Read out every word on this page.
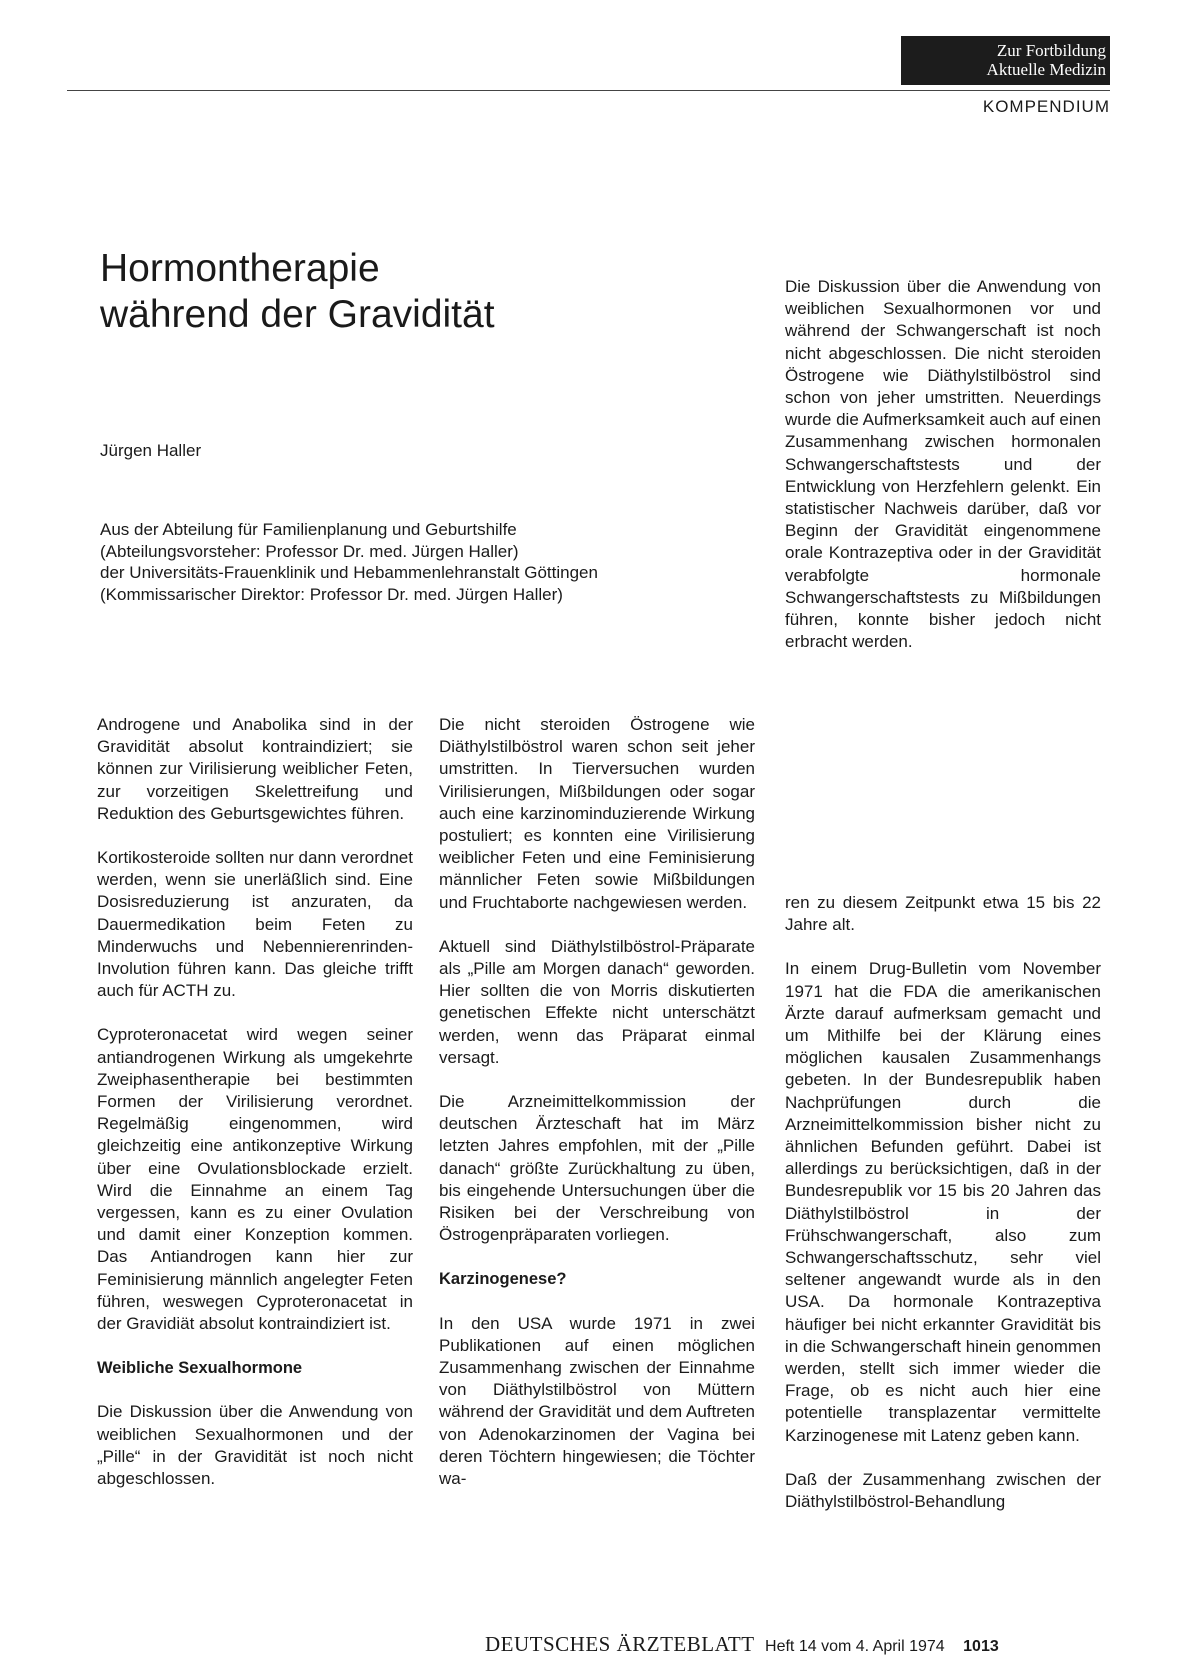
Zur Fortbildung
Aktuelle Medizin
KOMPENDIUM
Hormontherapie
während der Gravidität
Jürgen Haller
Aus der Abteilung für Familienplanung und Geburtshilfe
(Abteilungsvorsteher: Professor Dr. med. Jürgen Haller)
der Universitäts-Frauenklinik und Hebammenlehranstalt Göttingen
(Kommissarischer Direktor: Professor Dr. med. Jürgen Haller)

Die Diskussion über die Anwendung von weiblichen Sexualhormonen vor und während der Schwangerschaft ist noch nicht abgeschlossen. Die nicht steroiden Östrogene wie Diäthylstilböstrol sind schon von jeher umstritten. Neuerdings wurde die Aufmerksamkeit auch auf einen Zusammenhang zwischen hormonalen Schwangerschaftstests und der Entwicklung von Herzfehlern gelenkt. Ein statistischer Nachweis darüber, daß vor Beginn der Gravidität eingenommene orale Kontrazeptiva oder in der Gravidität verabfolgte hormonale Schwangerschaftstests zu Mißbildungen führen, konnte bisher jedoch nicht erbracht werden.

Androgene und Anabolika sind in der Gravidität absolut kontraindiziert; sie können zur Virilisierung weiblicher Feten, zur vorzeitigen Skelettreifung und Reduktion des Geburtsgewichtes führen.

Kortikosteroide sollten nur dann verordnet werden, wenn sie unerläßlich sind. Eine Dosisreduzierung ist anzuraten, da Dauermedikation beim Feten zu Minderwuchs und Nebennierenrinden-Involution führen kann. Das gleiche trifft auch für ACTH zu.

Cyproteronacetat wird wegen seiner antiandrogenen Wirkung als umgekehrte Zweiphasentherapie bei bestimmten Formen der Virilisierung verordnet. Regelmäßig eingenommen, wird gleichzeitig eine antikonzeptive Wirkung über eine Ovulationsblockade erzielt. Wird die Einnahme an einem Tag vergessen, kann es zu einer Ovulation und damit einer Konzeption kommen. Das Antiandrogen kann hier zur Feminisierung männlich angelegter Feten führen, weswegen Cyproteronacetat in der Gravidiät absolut kontraindiziert ist.

Weibliche Sexualhormone

Die Diskussion über die Anwendung von weiblichen Sexualhormonen und der „Pille“ in der Gravidität ist noch nicht abgeschlossen.

Die nicht steroiden Östrogene wie Diäthylstilböstrol waren schon seit jeher umstritten. In Tierversuchen wurden Virilisierungen, Mißbildungen oder sogar auch eine karzinominduzierende Wirkung postuliert; es konnten eine Virilisierung weiblicher Feten und eine Feminisierung männlicher Feten sowie Mißbildungen und Fruchtaborte nachgewiesen werden.

Aktuell sind Diäthylstilböstrol-Präparate als „Pille am Morgen danach“ geworden. Hier sollten die von Morris diskutierten genetischen Effekte nicht unterschätzt werden, wenn das Präparat einmal versagt.

Die Arzneimittelkommission der deutschen Ärzteschaft hat im März letzten Jahres empfohlen, mit der „Pille danach“ größte Zurückhaltung zu üben, bis eingehende Untersuchungen über die Risiken bei der Verschreibung von Östrogenpräparaten vorliegen.

Karzinogenese?

In den USA wurde 1971 in zwei Publikationen auf einen möglichen Zusammenhang zwischen der Einnahme von Diäthylstilböstrol von Müttern während der Gravidität und dem Auftreten von Adenokarzinomen der Vagina bei deren Töchtern hingewiesen; die Töchter wa-

ren zu diesem Zeitpunkt etwa 15 bis 22 Jahre alt.

In einem Drug-Bulletin vom November 1971 hat die FDA die amerikanischen Ärzte darauf aufmerksam gemacht und um Mithilfe bei der Klärung eines möglichen kausalen Zusammenhangs gebeten. In der Bundesrepublik haben Nachprüfungen durch die Arzneimittelkommission bisher nicht zu ähnlichen Befunden geführt. Dabei ist allerdings zu berücksichtigen, daß in der Bundesrepublik vor 15 bis 20 Jahren das Diäthylstilböstrol in der Frühschwangerschaft, also zum Schwangerschaftsschutz, sehr viel seltener angewandt wurde als in den USA. Da hormonale Kontrazeptiva häufiger bei nicht erkannter Gravidität bis in die Schwangerschaft hinein genommen werden, stellt sich immer wieder die Frage, ob es nicht auch hier eine potentielle transplazentar vermittelte Karzinogenese mit Latenz geben kann.

Daß der Zusammenhang zwischen der Diäthylstilböstrol-Behandlung

DEUTSCHES ÄRZTEBLATT Heft 14 vom 4. April 1974 1013
